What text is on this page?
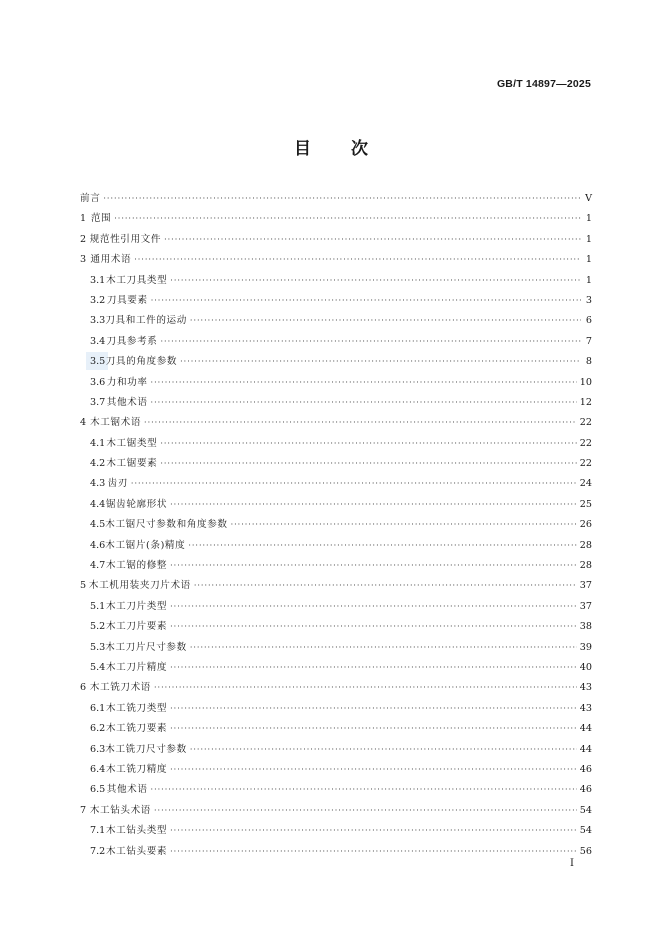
GB/T 14897—2025
目次
前言 ·····	V
1 范围 ·····	1
2 规范性引用文件 ·····	1
3 通用术语 ·····	1
3.1 木工刀具类型 ·····	1
3.2 刀具要素 ·····	3
3.3 刀具和工件的运动 ·····	6
3.4 刀具参考系 ·····	7
3.5 刀具的角度参数 ·····	8
3.6 力和功率 ·····	10
3.7 其他术语 ·····	12
4 木工锯术语 ·····	22
4.1 木工锯类型 ·····	22
4.2 木工锯要素 ·····	22
4.3 齿刃 ·····	24
4.4 锯齿轮廓形状 ·····	25
4.5 木工锯尺寸参数和角度参数 ·····	26
4.6 木工锯片(条)精度 ·····	28
4.7 木工锯的修整 ·····	28
5 木工机用装夹刀片术语 ·····	37
5.1 木工刀片类型 ·····	37
5.2 木工刀片要素 ·····	38
5.3 木工刀片尺寸参数 ·····	39
5.4 木工刀片精度 ·····	40
6 木工铣刀术语 ·····	43
6.1 木工铣刀类型 ·····	43
6.2 木工铣刀要素 ·····	44
6.3 木工铣刀尺寸参数 ·····	44
6.4 木工铣刀精度 ·····	46
6.5 其他术语 ·····	46
7 木工钻头术语 ·····	54
7.1 木工钻头类型 ·····	54
7.2 木工钻头要素 ·····	56
I
